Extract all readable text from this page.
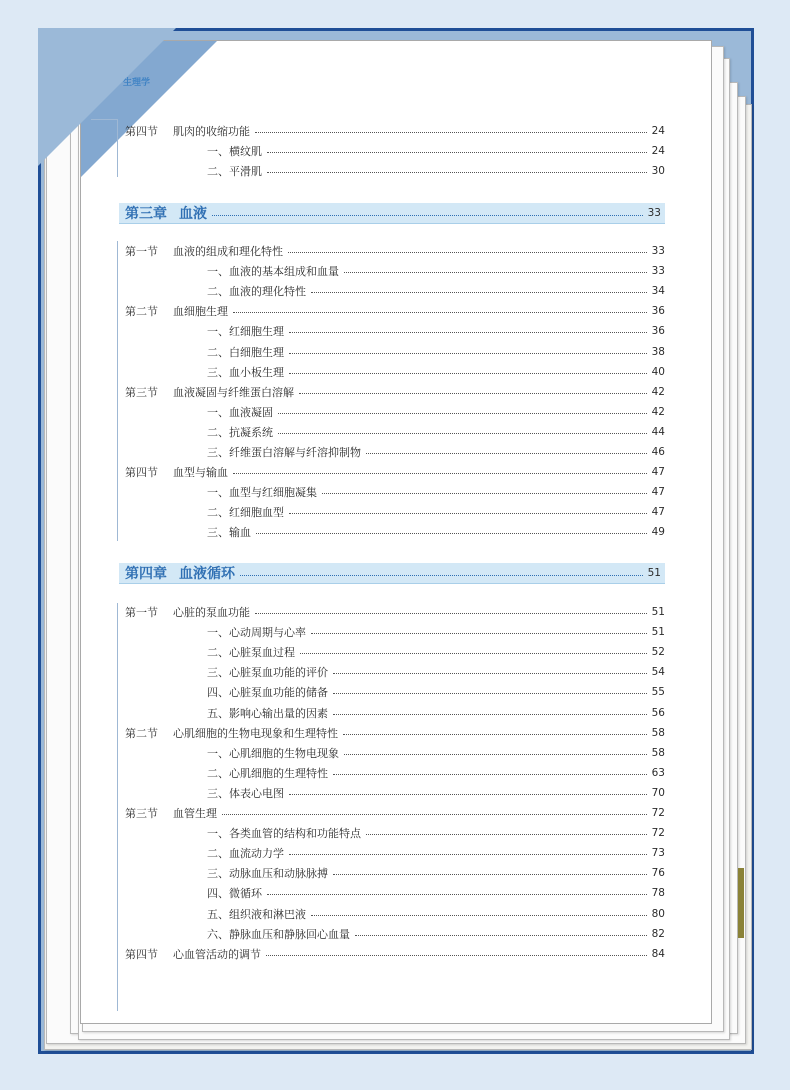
生理学
第四节 肌肉的收缩功能	24
一、横纹肌	24
二、平滑肌	30
第三章 血液	33
第一节 血液的组成和理化特性	33
一、血液的基本组成和血量	33
二、血液的理化特性	34
第二节 血细胞生理	36
一、红细胞生理	36
二、白细胞生理	38
三、血小板生理	40
第三节 血液凝固与纤维蛋白溶解	42
一、血液凝固	42
二、抗凝系统	44
三、纤维蛋白溶解与纤溶抑制物	46
第四节 血型与输血	47
一、血型与红细胞凝集	47
二、红细胞血型	47
三、输血	49
第四章 血液循环	51
第一节 心脏的泵血功能	51
一、心动周期与心率	51
二、心脏泵血过程	52
三、心脏泵血功能的评价	54
四、心脏泵血功能的储备	55
五、影响心输出量的因素	56
第二节 心肌细胞的生物电现象和生理特性	58
一、心肌细胞的生物电现象	58
二、心肌细胞的生理特性	63
三、体表心电图	70
第三节 血管生理	72
一、各类血管的结构和功能特点	72
二、血流动力学	73
三、动脉血压和动脉脉搏	76
四、微循环	78
五、组织液和淋巴液	80
六、静脉血压和静脉回心血量	82
第四节 心血管活动的调节	84
